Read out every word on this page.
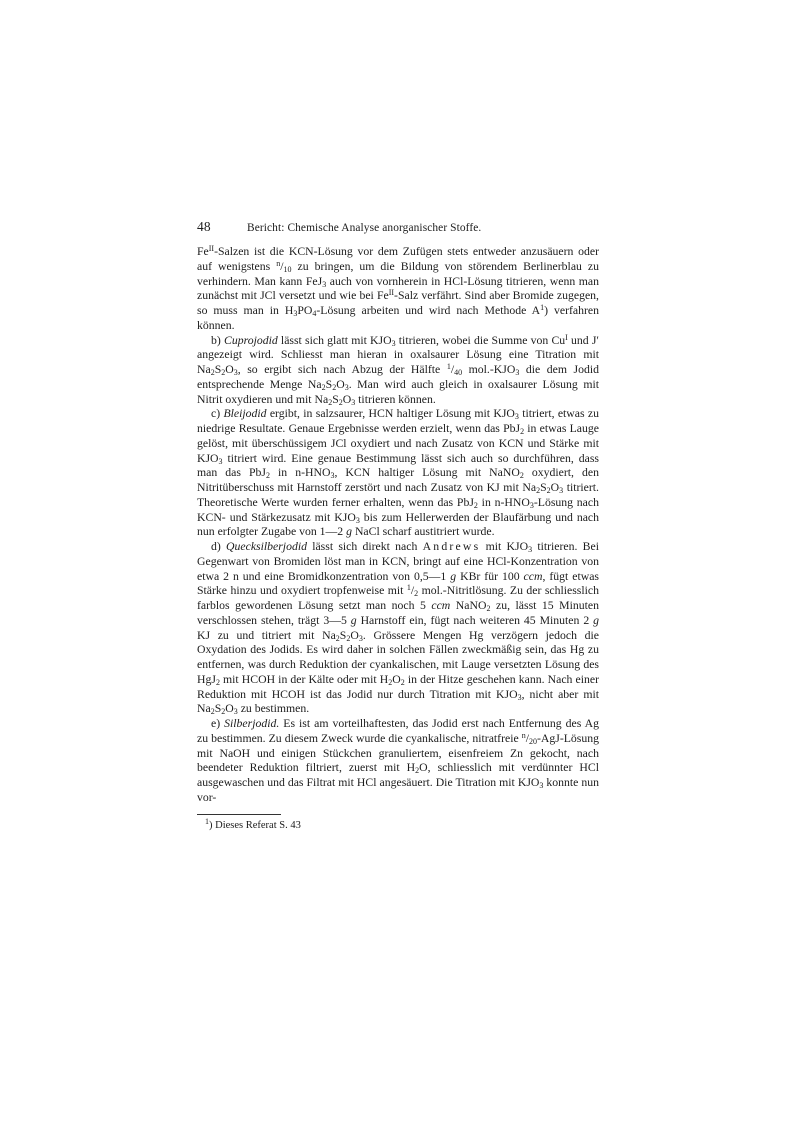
48	Bericht: Chemische Analyse anorganischer Stoffe.

$Fe^{II}$-Salzen ist die KCN-Lösung vor dem Zufügen stets entweder anzusäuern oder auf wenigstens $^n/_{10}$ zu bringen, um die Bildung von störendem Berlinerblau zu verhindern. Man kann FeJ$_3$ auch von vornherein in HCl-Lösung titrieren, wenn man zunächst mit JCl versetzt und wie bei $Fe^{II}$-Salz verfährt. Sind aber Bromide zugegen, so muss man in $H_3PO_4$-Lösung arbeiten und wird nach Methode $A^1$) verfahren können.

b) Cuprojodid lässt sich glatt mit $KJO_3$ titrieren, wobei die Summe von $Cu^I$ und J′ angezeigt wird. Schliesst man hieran in oxalsaurer Lösung eine Titration mit $Na_2S_2O_3$, so ergibt sich nach Abzug der Hälfte $^1/_{40}$ $mol.-KJO_3$ die dem Jodid entsprechende Menge $Na_2S_2O_3$. Man wird auch gleich in oxalsaurer Lösung mit Nitrit oxydieren und mit $Na_2S_2O_3$ titrieren können.

c) Bleijodid ergibt, in salzsaurer, HCN haltiger Lösung mit $KJO_3$ titriert, etwas zu niedrige Resultate. Genaue Ergebnisse werden erzielt, wenn das PbJ$_2$ in etwas Lauge gelöst, mit überschüssigem JCl oxydiert und nach Zusatz von KCN und Stärke mit $KJO_3$ titriert wird. Eine genaue Bestimmung lässt sich auch so durchführen, dass man das PbJ$_2$ in $n-HNO_3$, KCN haltiger Lösung mit NaNO$_2$ oxydiert, den Nitritüberschuss mit Harnstoff zerstört und nach Zusatz von KJ mit $Na_2S_2O_3$ titriert. Theoretische Werte wurden ferner erhalten, wenn das PbJ$_2$ in $n-HNO_3$-Lösung nach KCN- und Stärkezusatz mit $KJO_3$ bis zum Hellerwerden der Blaufärbung und nach nun erfolgter Zugabe von 1—2 g NaCl scharf austitriert wurde.

d) Quecksilberjodid lässt sich direkt nach Andrews mit $KJO_3$ titrieren. Bei Gegenwart von Bromiden löst man in KCN, bringt auf eine HCl-Konzentration von etwa 2 n und eine Bromidkonzentration von 0,5—1 g KBr für 100 ccm, fügt etwas Stärke hinzu und oxydiert tropfenweise mit $^1/_2$ mol.-Nitritlösung. Zu der schliesslich farblos gewordenen Lösung setzt man noch 5 ccm NaNO$_2$ zu, lässt 15 Minuten verschlossen stehen, trägt 3—5 g Harnstoff ein, fügt nach weiteren 45 Minuten 2 g KJ zu und titriert mit $Na_2S_2O_3$. Grössere Mengen Hg verzögern jedoch die Oxydation des Jodids. Es wird daher in solchen Fällen zweckmäßig sein, das Hg zu entfernen, was durch Reduktion der cyankalischen, mit Lauge versetzten Lösung des HgJ$_2$ mit HCOH in der Kälte oder mit $H_2O_2$ in der Hitze geschehen kann. Nach einer Reduktion mit HCOH ist das Jodid nur durch Titration mit $KJO_3$, nicht aber mit $Na_2S_2O_3$ zu bestimmen.

e) Silberjodid. Es ist am vorteilhaftesten, das Jodid erst nach Entfernung des Ag zu bestimmen. Zu diesem Zweck wurde die cyankalische, nitratfreie $^n/_{20}-AgJ$-Lösung mit NaOH und einigen Stückchen granuliertem, eisenfreiem Zn gekocht, nach beendeter Reduktion filtriert, zuerst mit $H_2O$, schliesslich mit verdünnter HCl ausgewaschen und das Filtrat mit HCl angesäuert. Die Titration mit $KJO_3$ konnte nun vor-

$^1$) Dieses Referat S. 43
